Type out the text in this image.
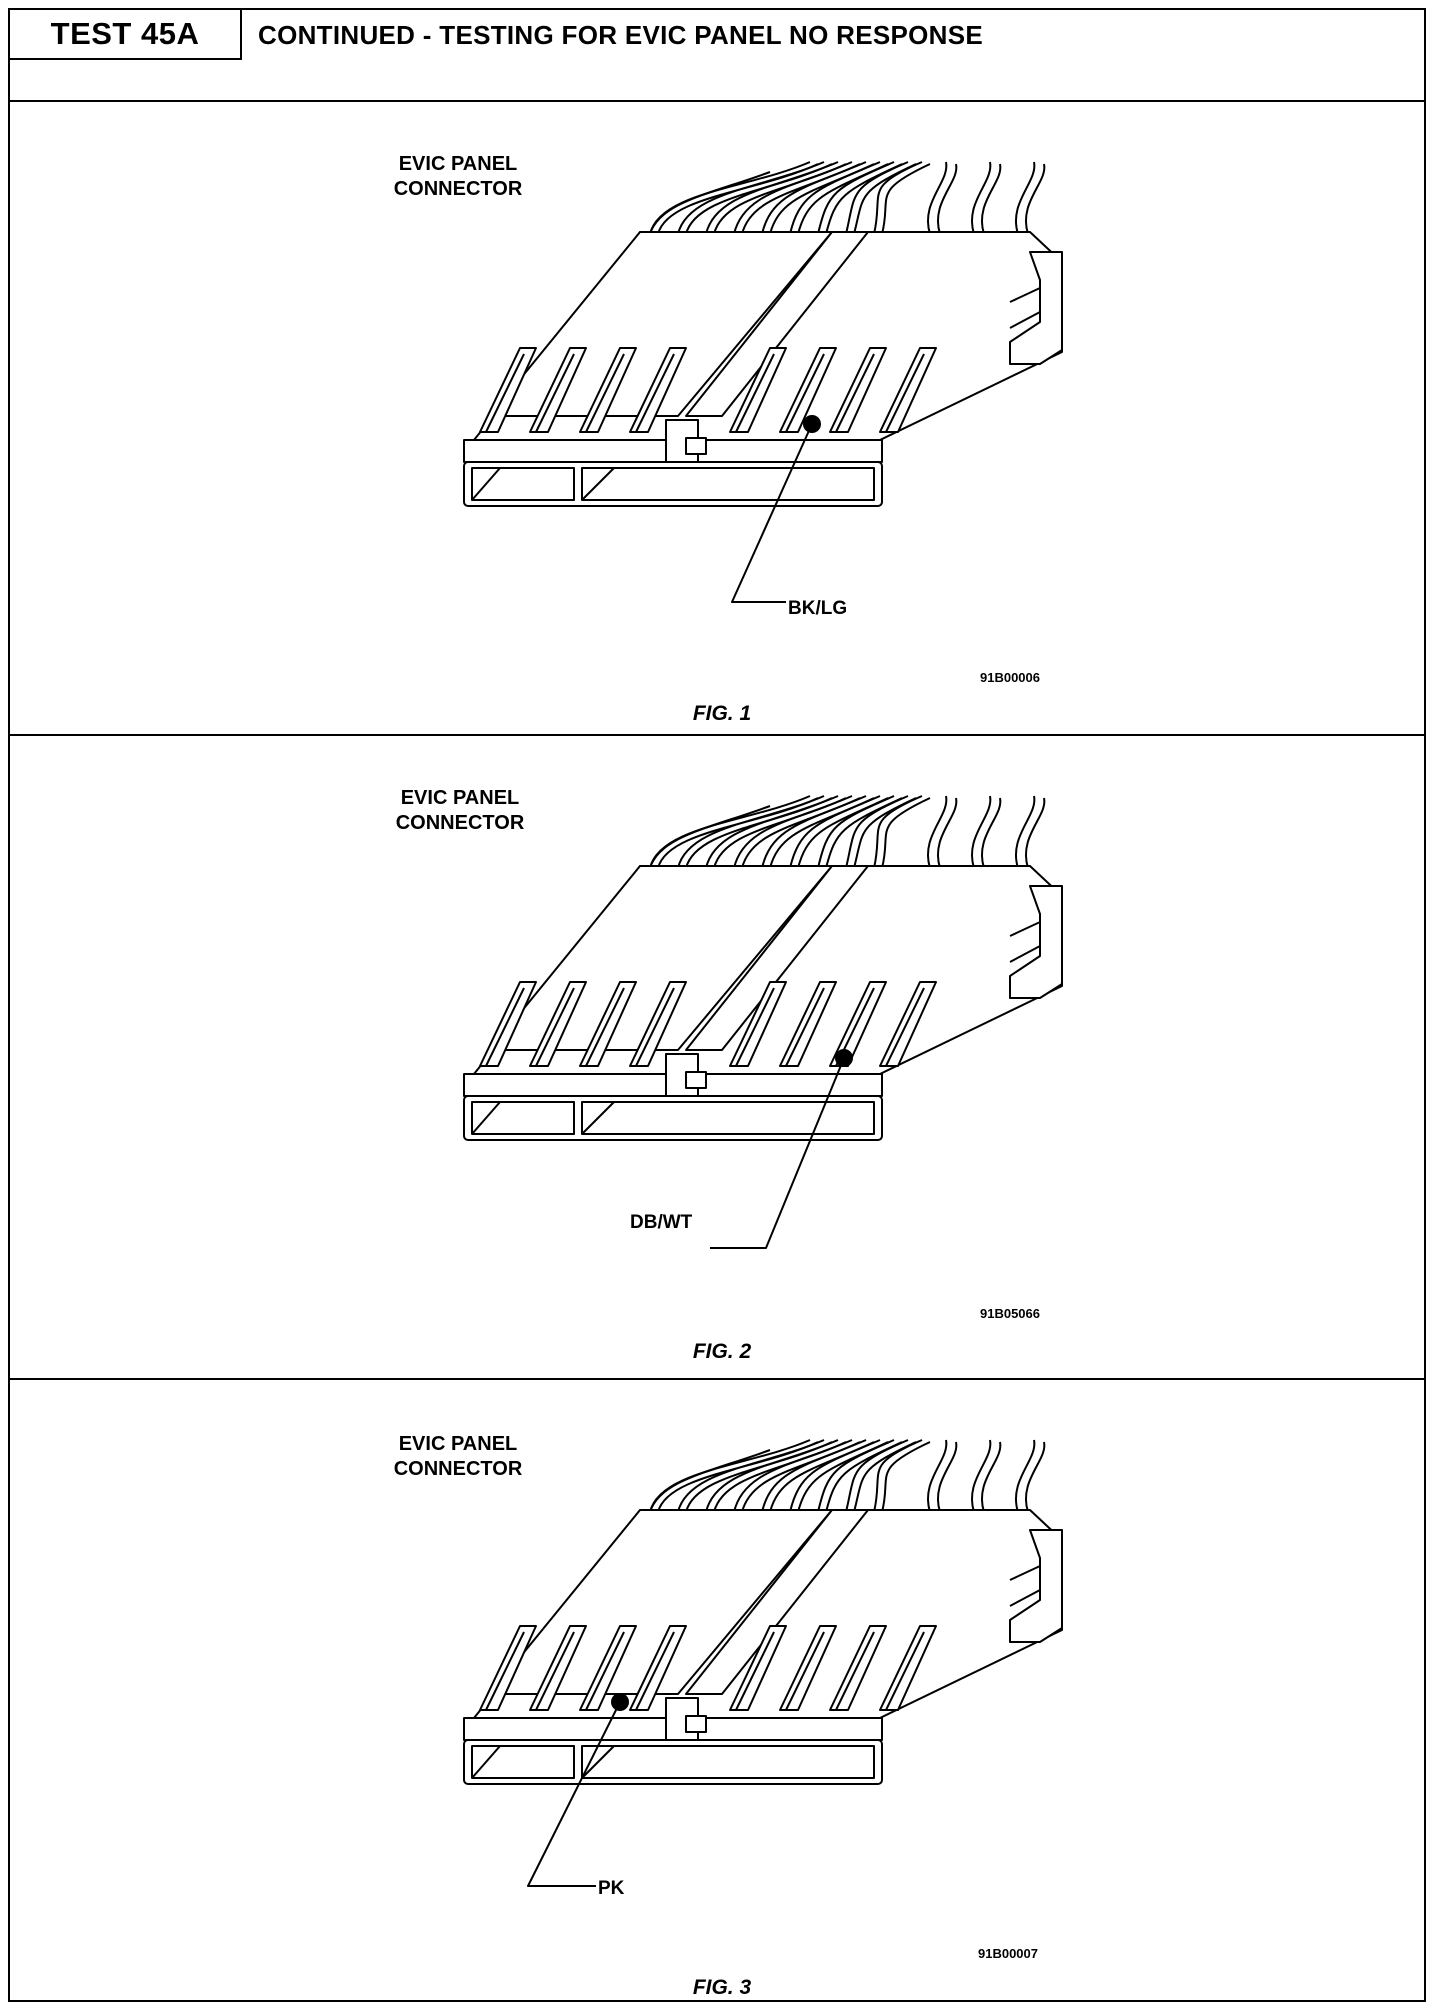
TEST 45A	CONTINUED - TESTING FOR EVIC PANEL NO RESPONSE
EVIC PANEL
CONNECTOR
BK/LG
91B00006
FIG. 1
EVIC PANEL
CONNECTOR
DB/WT
91B05066
FIG. 2
EVIC PANEL
CONNECTOR
PK
91B00007
FIG. 3
